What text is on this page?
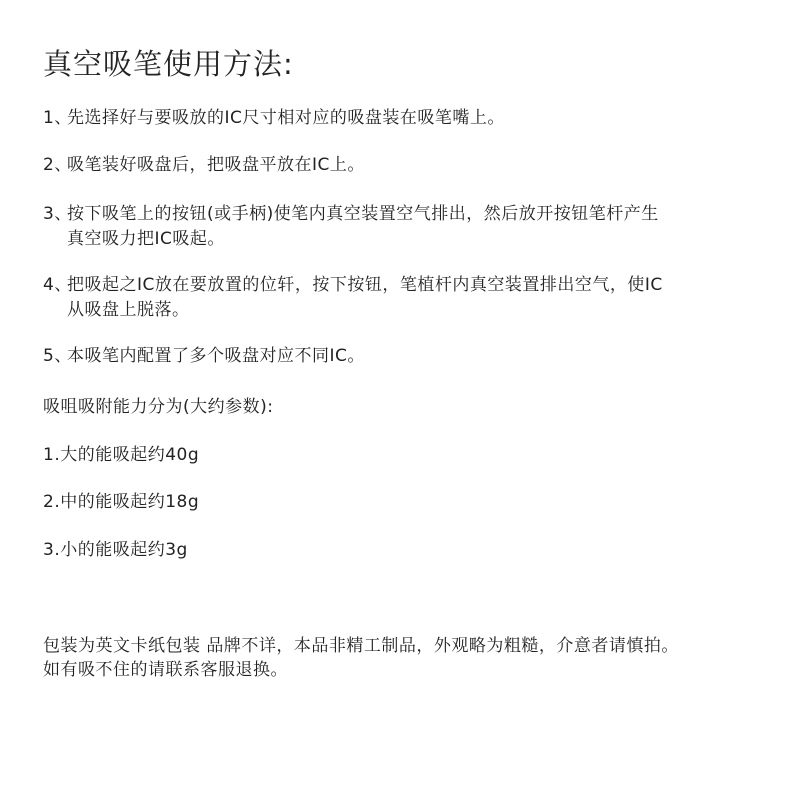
真空吸笔使用方法:
1、先选择好与要吸放的IC尺寸相对应的吸盘装在吸笔嘴上。
2、吸笔装好吸盘后，把吸盘平放在IC上。
3、按下吸笔上的按钮(或手柄)使笔内真空装置空气排出，然后放开按钮笔杆产生
真空吸力把IC吸起。
4、把吸起之IC放在要放置的位轩，按下按钮，笔植杆内真空装置排出空气，使IC
从吸盘上脱落。
5、本吸笔内配置了多个吸盘对应不同IC。
吸咀吸附能力分为(大约参数):
1.大的能吸起约40g
2.中的能吸起约18g
3.小的能吸起约3g
包装为英文卡纸包装 品牌不详，本品非精工制品，外观略为粗糙，介意者请慎拍。
如有吸不住的请联系客服退换。
